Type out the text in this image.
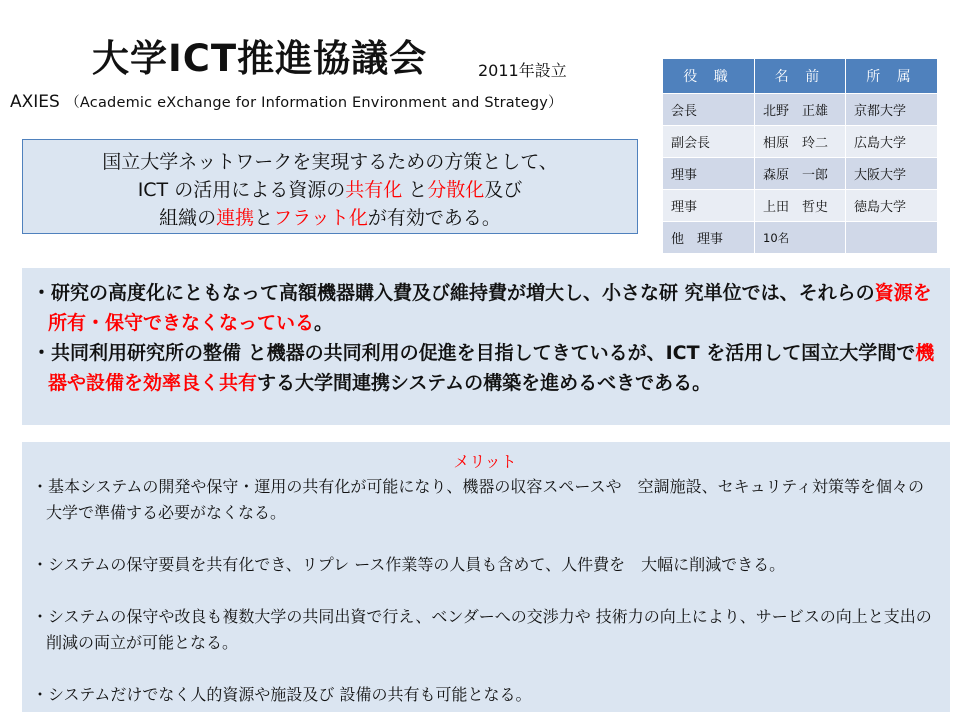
大学ICT推進協議会	2011年設立
AXIES （Academic eXchange for Information Environment and Strategy）
役 職	名 前	所 属
会長	北野　正雄	京都大学
副会長	相原　玲二	広島大学
理事	森原　一郎	大阪大学
理事	上田　哲史	徳島大学
他　理事	10名	
国立大学ネットワークを実現するための方策として、
ICT の活用による資源の共有化 と分散化及び
組織の連携とフラット化が有効である。

・研究の高度化にともなって高額機器購入費及び維持費が増大し、小さな研 究単位では、それらの資源を所有・保守できなくなっている。

・共同利用研究所の整備 と機器の共同利用の促進を目指してきているが、ICT を活用して国立大学間で機器や設備を効率良く共有する大学間連携システムの構築を進めるべきである。

メリット

・基本システムの開発や保守・運用の共有化が可能になり、機器の収容スペースや　空調施設、セキュリティ対策等を個々の大学で準備する必要がなくなる。

・システムの保守要員を共有化でき、リプレ ース作業等の人員も含めて、人件費を　大幅に削減できる。

・システムの保守や改良も複数大学の共同出資で行え、ベンダーへの交渉力や 技術力の向上により、サービスの向上と支出の削減の両立が可能となる。

・システムだけでなく人的資源や施設及び 設備の共有も可能となる。
